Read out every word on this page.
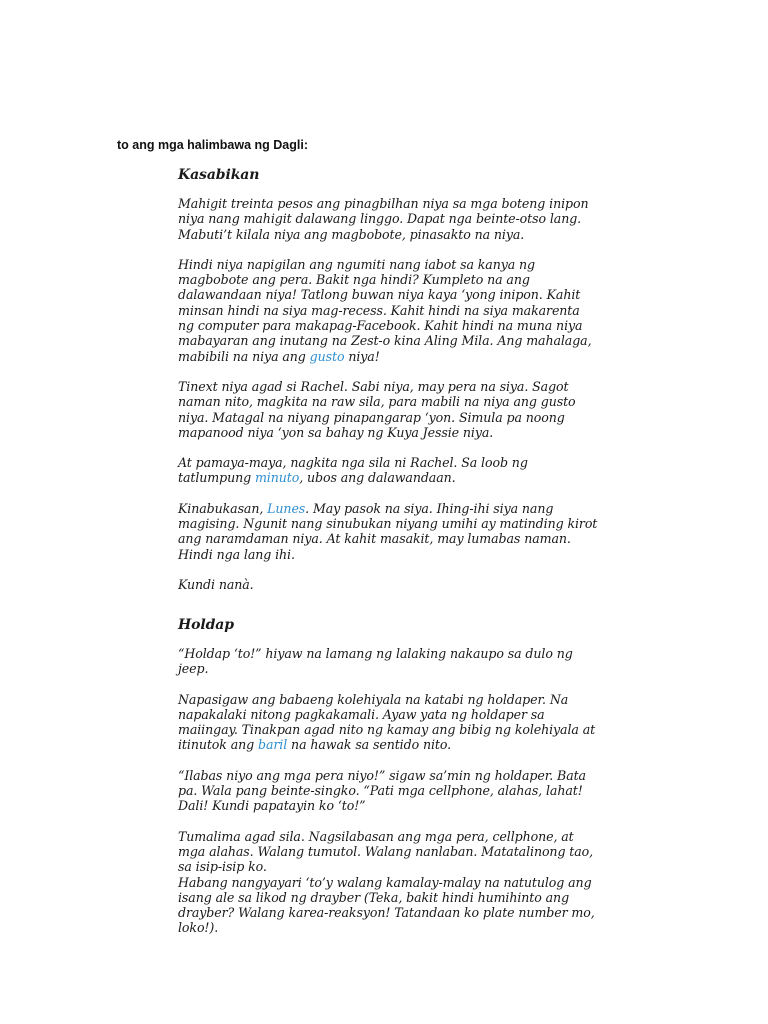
to ang mga halimbawa ng Dagli:
Kasabikan

Mahigit treinta pesos ang pinagbilhan niya sa mga boteng inipon niya nang mahigit dalawang linggo. Dapat nga beinte-otso lang. Mabuti’t kilala niya ang magbobote, pinasakto na niya.

Hindi niya napigilan ang ngumiti nang iabot sa kanya ng magbobote ang pera. Bakit nga hindi? Kumpleto na ang dalawandaan niya! Tatlong buwan niya kaya ‘yong inipon. Kahit minsan hindi na siya mag-recess. Kahit hindi na siya makarenta ng computer para makapag-Facebook. Kahit hindi na muna niya mabayaran ang inutang na Zest-o kina Aling Mila. Ang mahalaga, mabibili na niya ang gusto niya!

Tinext niya agad si Rachel. Sabi niya, may pera na siya. Sagot naman nito, magkita na raw sila, para mabili na niya ang gusto niya. Matagal na niyang pinapangarap ‘yon. Simula pa noong mapanood niya ‘yon sa bahay ng Kuya Jessie niya.

At pamaya-maya, nagkita nga sila ni Rachel. Sa loob ng tatlumpung minuto, ubos ang dalawandaan.

Kinabukasan, Lunes. May pasok na siya. Ihing-ihi siya nang magising. Ngunit nang sinubukan niyang umihi ay matinding kirot ang naramdaman niya. At kahit masakit, may lumabas naman. Hindi nga lang ihi.

Kundi nanà.

Holdap

“Holdap ‘to!” hiyaw na lamang ng lalaking nakaupo sa dulo ng jeep.

Napasigaw ang babaeng kolehiyala na katabi ng holdaper. Na napakalaki nitong pagkakamali. Ayaw yata ng holdaper sa maiingay. Tinakpan agad nito ng kamay ang bibig ng kolehiyala at itinutok ang baril na hawak sa sentido nito.

“Ilabas niyo ang mga pera niyo!” sigaw sa’min ng holdaper. Bata pa. Wala pang beinte-singko. “Pati mga cellphone, alahas, lahat! Dali! Kundi papatayin ko ‘to!”

Tumalima agad sila. Nagsilabasan ang mga pera, cellphone, at mga alahas. Walang tumutol. Walang nanlaban. Matatalinong tao, sa isip-isip ko.

Habang nangyayari ‘to’y walang kamalay-malay na natutulog ang isang ale sa likod ng drayber (Teka, bakit hindi humihinto ang drayber? Walang karea-reaksyon! Tatandaan ko plate number mo, loko!).
